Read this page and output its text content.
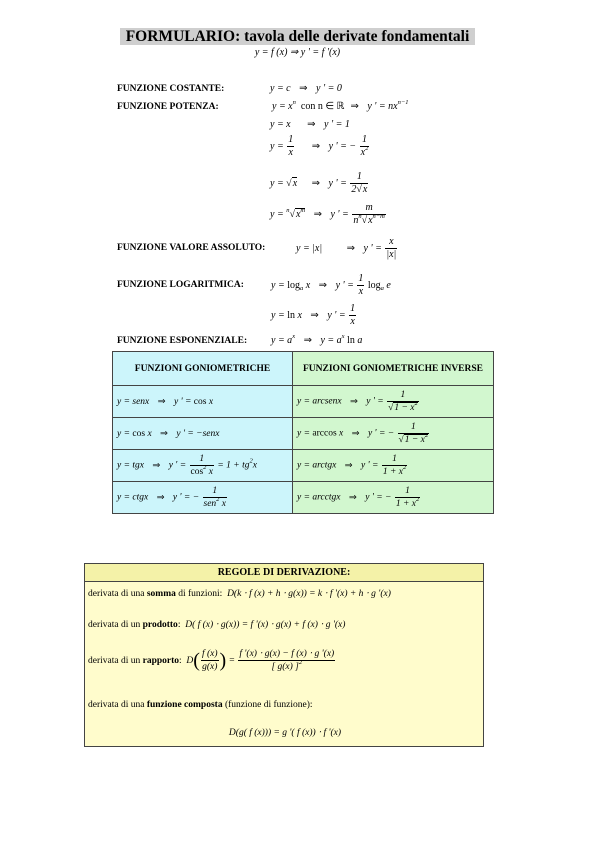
FORMULARIO: tavola delle derivate fondamentali
y = f (x) ⇒ y ' = f '(x)
FUNZIONE COSTANTE:	y = c ⇒ y ' = 0
FUNZIONE POTENZA:	$y = x^n$ con n ∈ ℝ ⇒ y ' = $nx^{n-1}$
y = x ⇒ y ' = 1
$y = \frac{1}{x}$ ⇒ y ' = − $\frac{1}{x^2}$
y = √x ⇒ y ' = $\frac{1}{2√x}$
$y = ^n√x^m$ ⇒ y ' = $\frac{m}{n^n√x^{n-m}}$
FUNZIONE VALORE ASSOLUTO:	y = |x| ⇒ y ' = $\frac{x}{|x|}$
FUNZIONE LOGARITMICA:	$y = \log_a x$ ⇒ y ' = $\frac{1}{x} \log_a e$
y = ln x ⇒ y ' = $\frac{1}{x}$
FUNZIONE ESPONENZIALE: $y = a^x$ ⇒ $y = a^x$ ln a
FUNZIONI GONIOMETRICHE	FUNZIONI GONIOMETRICHE INVERSE
y = senx ⇒ y ' = cos x	y = arcsenx ⇒ y ' = $\frac{1}{√1 - x^2}$

y = cos x ⇒ y ' = −senx	y = arccos x ⇒ y ' = − $\frac{1}{√1 - x^2}$

y = tgx ⇒ y ' = $\frac{1}{\cos^2 x} = 1 + tg^2x$	y = arctgx ⇒ y ' = $\frac{1}{1 + x^2}$

y = ctgx ⇒ y ' = − $\frac{1}{sen^2 x}$	y = arcctgx ⇒ y ' = − $\frac{1}{1 + x^2}$
REGOLE DI DERIVAZIONE:
derivata di una somma di funzioni: D(k ⋅ f (x) + h ⋅ g(x)) = k ⋅ f '(x) + h ⋅ g '(x)
derivata di un prodotto: D( f (x) ⋅ g(x)) = f '(x) ⋅ g(x) + f (x) ⋅ g '(x)
derivata di un rapporto: $D( \frac{f (x)}{g(x)}$ ) = $\frac{f '(x) \cdot g(x) - f (x) \cdot g '(x)}{[ g(x) ]^2}$
derivata di una funzione composta (funzione di funzione):
D(g( f (x))) = g '( f (x)) ⋅ f '(x)
